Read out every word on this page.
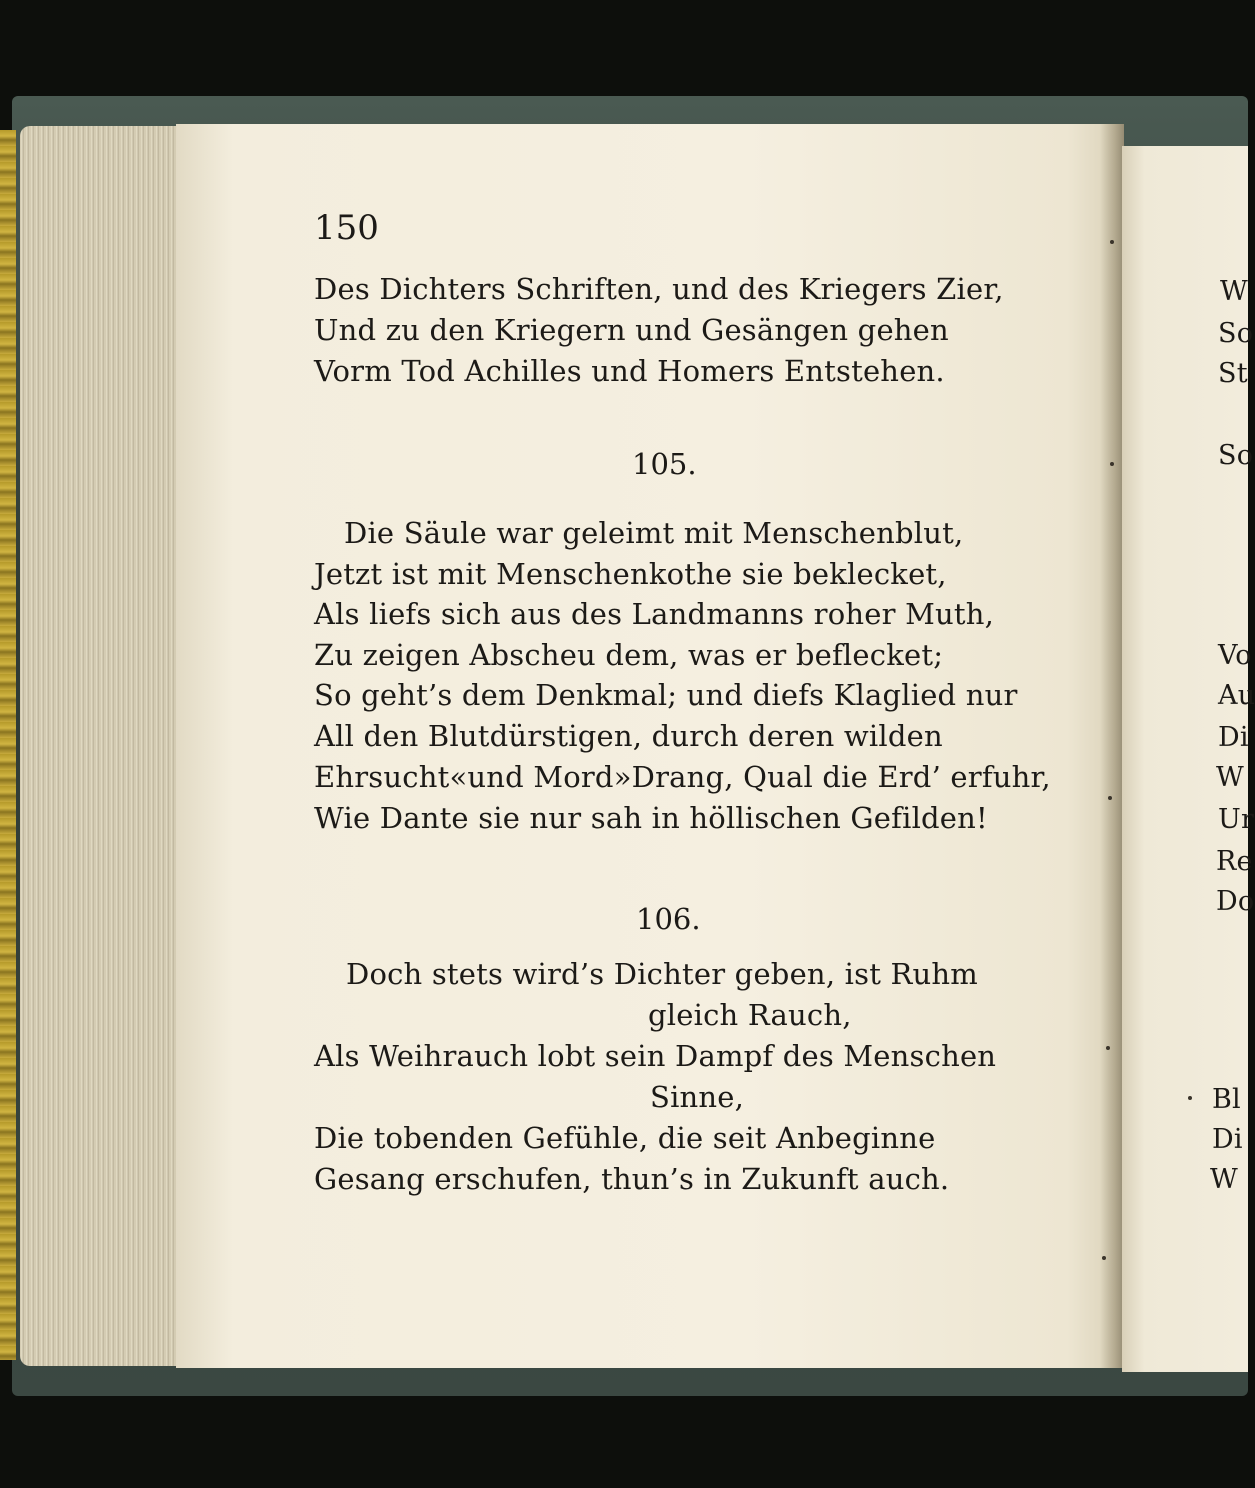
150

Des Dichters Schriften, und des Kriegers Zier,

Und zu den Kriegern und Gesängen gehen

Vorm Tod Achilles und Homers Entstehen.

105.

Die Säule war geleimt mit Menschenblut,

Jetzt ist mit Menschenkothe sie beklecket,

Als liefs sich aus des Landmanns roher Muth,

Zu zeigen Abscheu dem, was er beflecket;

So geht’s dem Denkmal; und diefs Klaglied nur

All den Blutdürstigen, durch deren wilden

Ehrsucht«und Mord»Drang, Qual die Erd’ erfuhr,

Wie Dante sie nur sah in höllischen Gefilden!

106.

Doch stets wird’s Dichter geben, ist Ruhm

gleich Rauch,

Als Weihrauch lobt sein Dampf des Menschen

Sinne,

Die tobenden Gefühle, die seit Anbeginne

Gesang erschufen, thun’s in Zukunft auch.

W

So

St

So

Vo

Au

Di

W

Ur

Re

Do

Bl

Di

W
